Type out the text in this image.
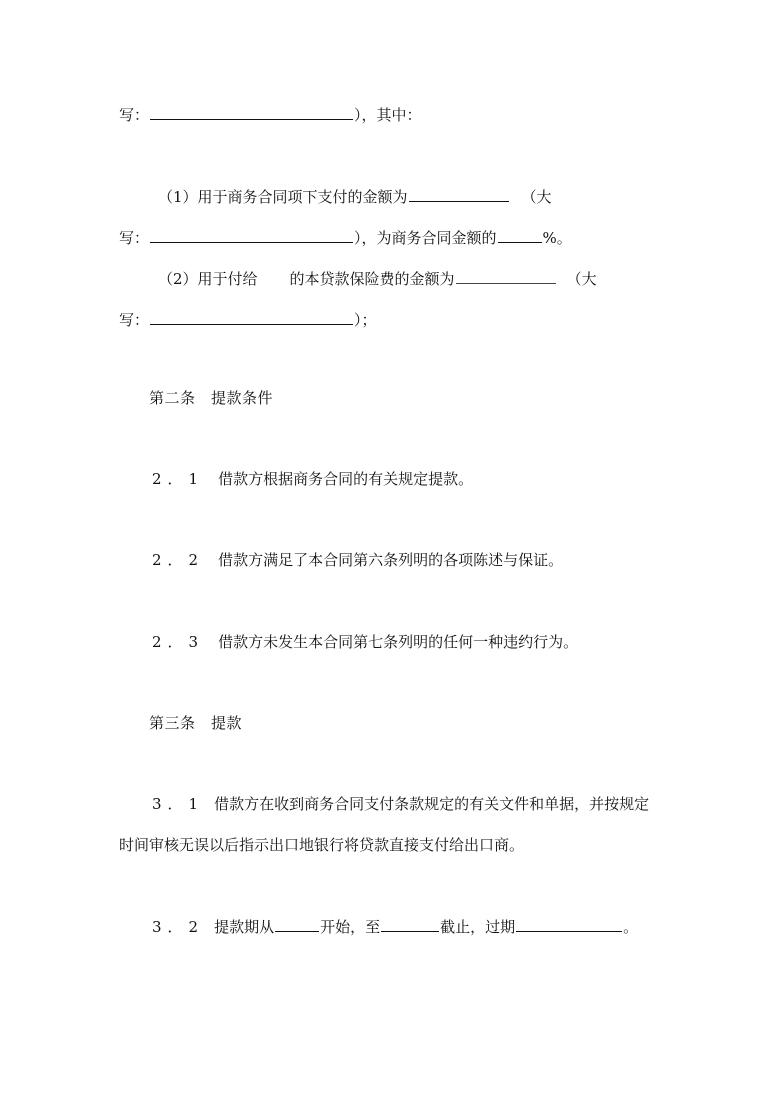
写：	），其中：
（1）用于商务合同项下支付的金额为	（大
写：	），为商务合同金额的	%。
（2）用于付给 的本贷款保险费的金额为	（大
写：	）；
第二条　提款条件
2．1 借款方根据商务合同的有关规定提款。
2．2 借款方满足了本合同第六条列明的各项陈述与保证。
2．3 借款方未发生本合同第七条列明的任何一种违约行为。
第三条　提款
3．1 借款方在收到商务合同支付条款规定的有关文件和单据，并按规定
时间审核无误以后指示出口地银行将贷款直接支付给出口商。
3．2 提款期从	开始，至	截止，过期	。
